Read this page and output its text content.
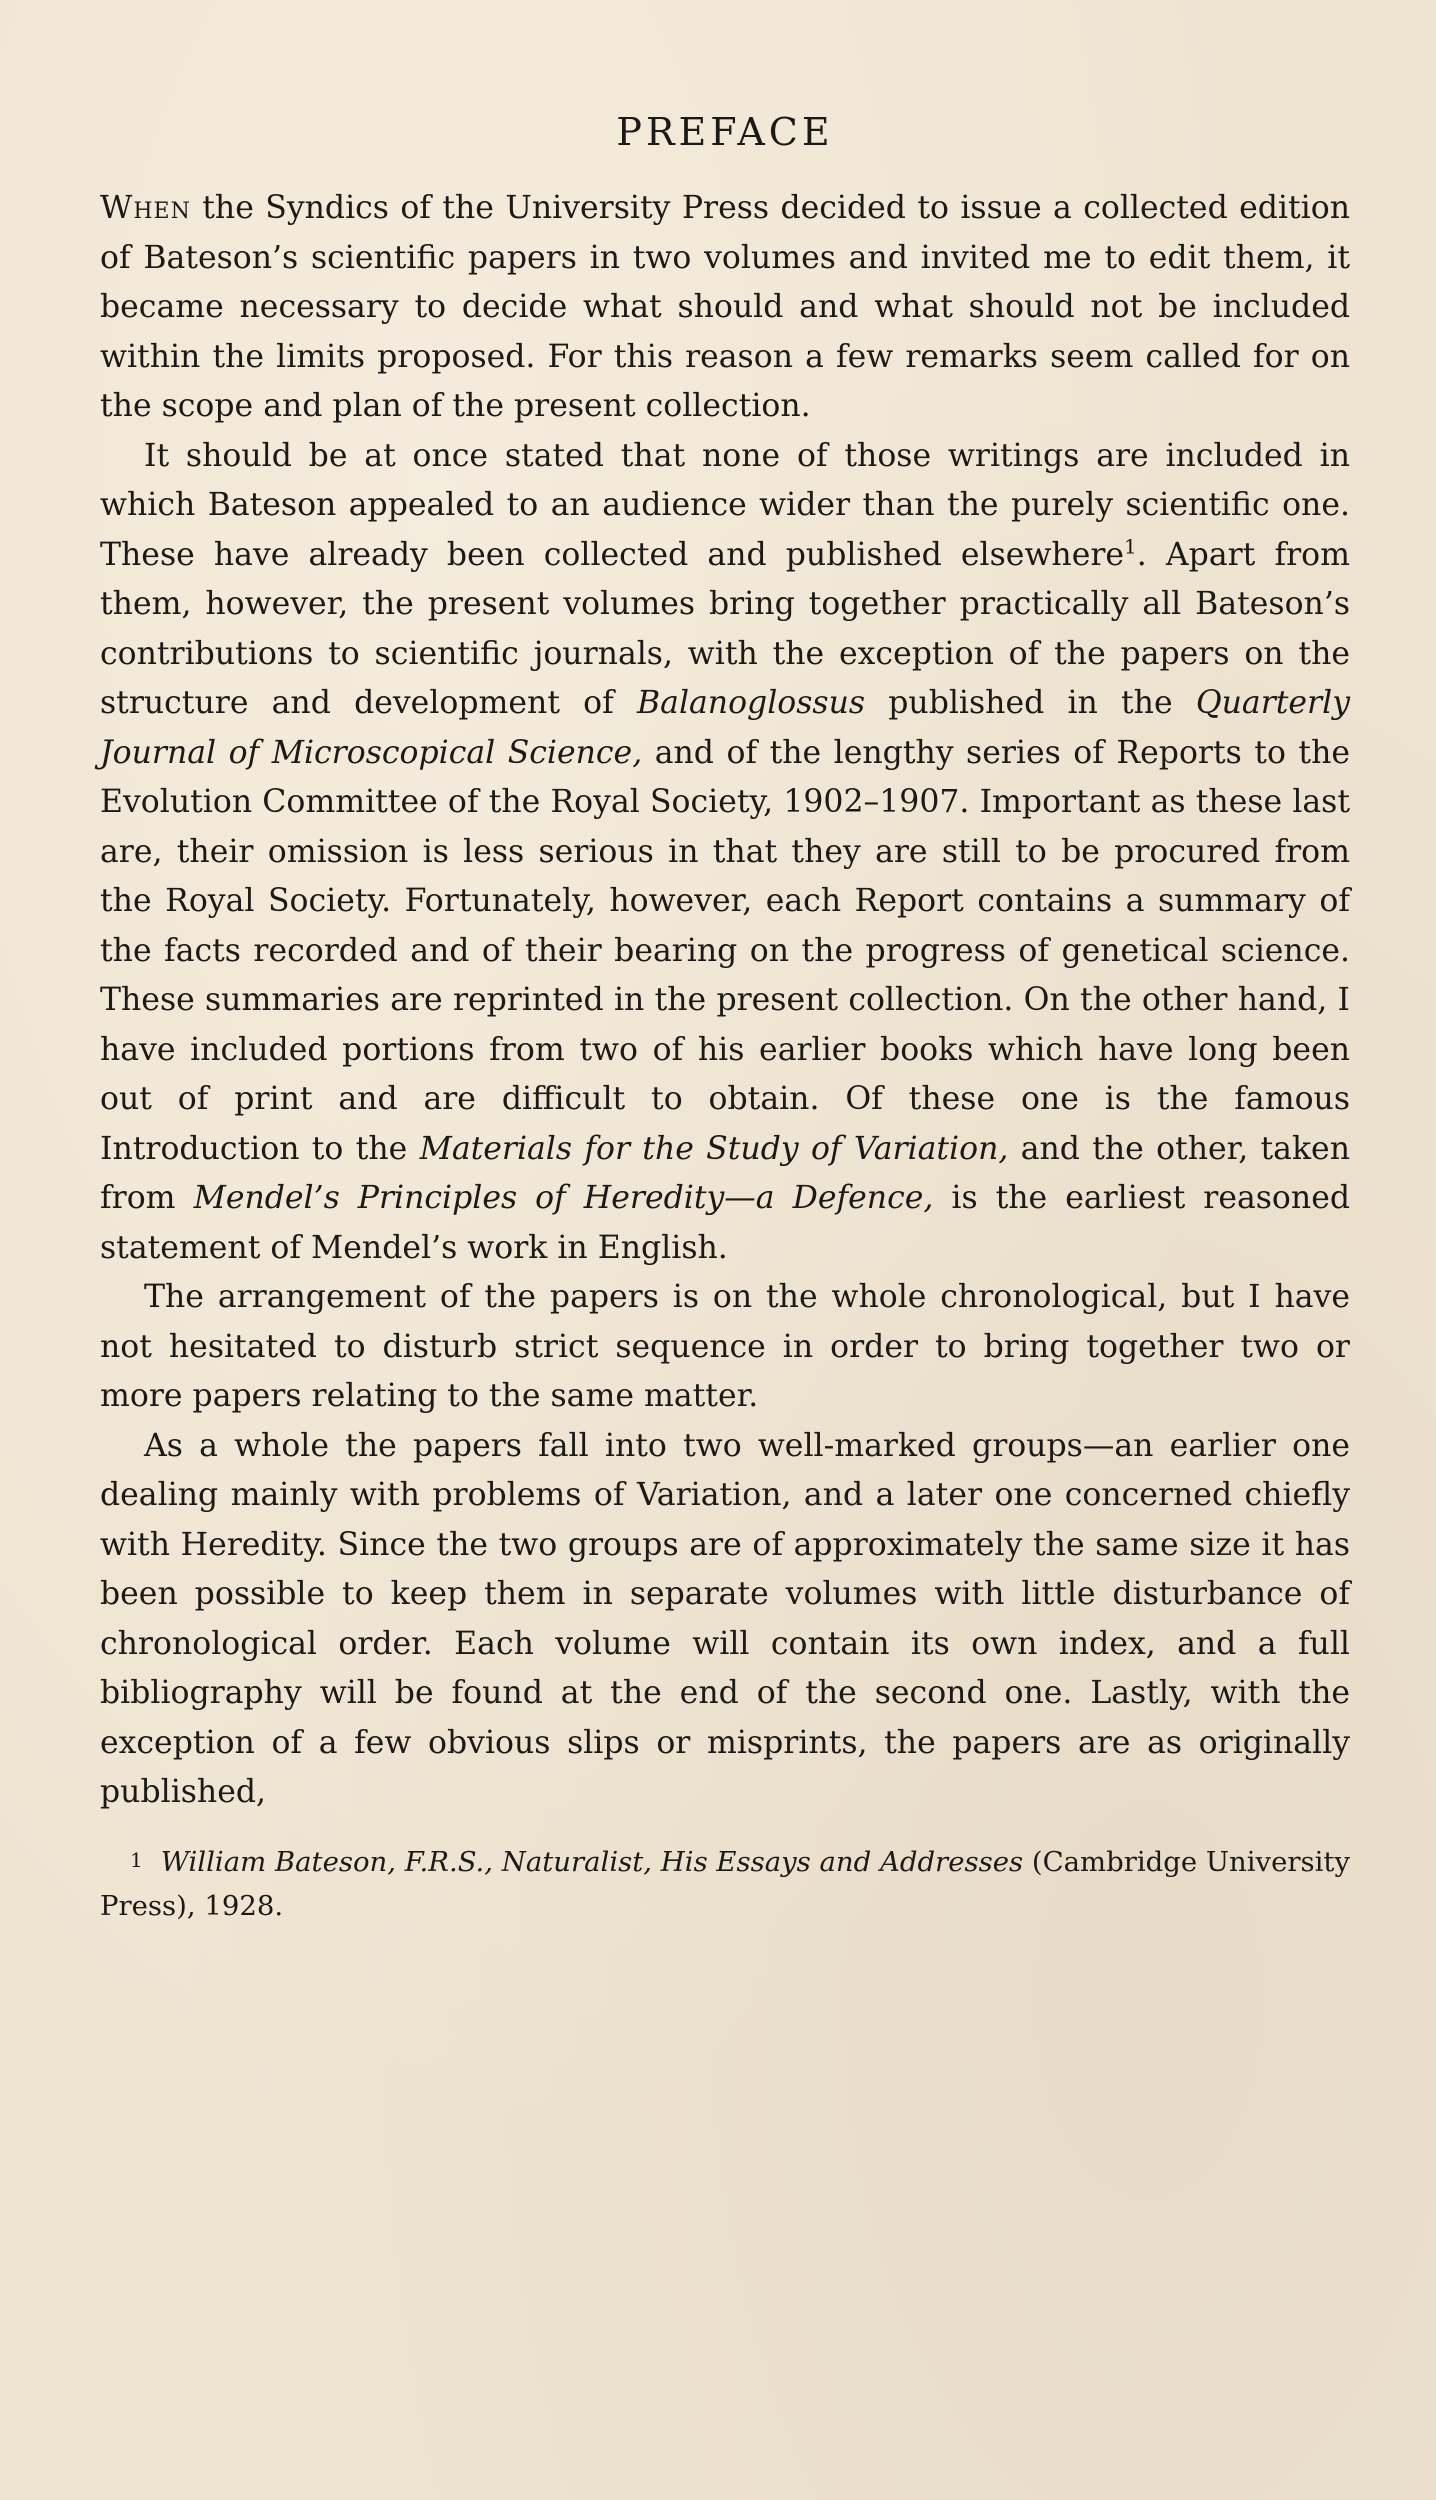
PREFACE

When the Syndics of the University Press decided to issue a collected edition of Bateson’s scientific papers in two volumes and invited me to edit them, it became necessary to decide what should and what should not be included within the limits proposed. For this reason a few remarks seem called for on the scope and plan of the present collection.

It should be at once stated that none of those writings are included in which Bateson appealed to an audience wider than the purely scientific one. These have already been collected and published elsewhere$^1$. Apart from them, however, the present volumes bring together practically all Bateson’s contributions to scientific journals, with the exception of the papers on the structure and development of Balanoglossus published in the Quarterly Journal of Microscopical Science, and of the lengthy series of Reports to the Evolution Committee of the Royal Society, 1902–1907. Important as these last are, their omission is less serious in that they are still to be procured from the Royal Society. Fortunately, however, each Report contains a summary of the facts recorded and of their bearing on the progress of genetical science. These summaries are reprinted in the present collection. On the other hand, I have included portions from two of his earlier books which have long been out of print and are difficult to obtain. Of these one is the famous Introduction to the Materials for the Study of Variation, and the other, taken from Mendel’s Principles of Heredity—a Defence, is the earliest reasoned statement of Mendel’s work in English.

The arrangement of the papers is on the whole chronological, but I have not hesitated to disturb strict sequence in order to bring together two or more papers relating to the same matter.

As a whole the papers fall into two well-marked groups—an earlier one dealing mainly with problems of Variation, and a later one concerned chiefly with Heredity. Since the two groups are of approximately the same size it has been possible to keep them in separate volumes with little disturbance of chronological order. Each volume will contain its own index, and a full bibliography will be found at the end of the second one. Lastly, with the exception of a few obvious slips or misprints, the papers are as originally published,

1 William Bateson, F.R.S., Naturalist, His Essays and Addresses (Cambridge University Press), 1928.
